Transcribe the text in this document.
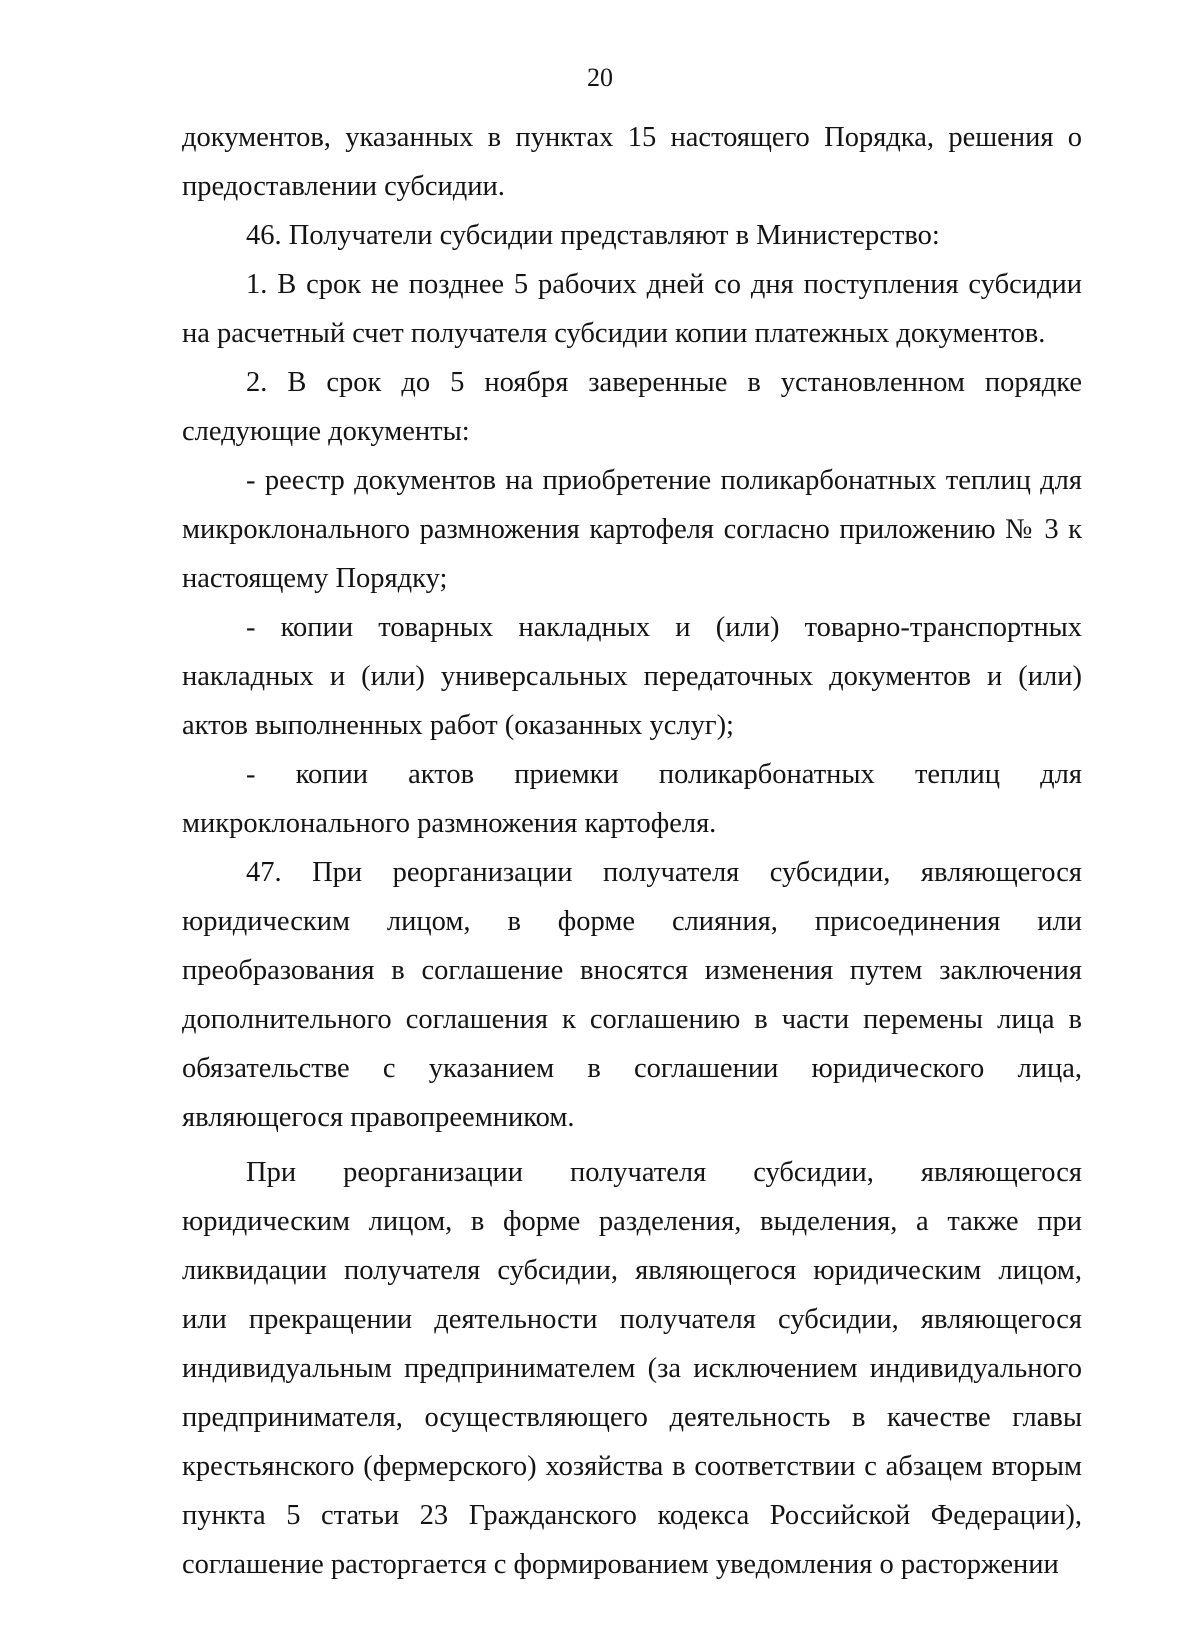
20

документов, указанных в пунктах 15 настоящего Порядка, решения о предоставлении субсидии.

46. Получатели субсидии представляют в Министерство:

1. В срок не позднее 5 рабочих дней со дня поступления субсидии на расчетный счет получателя субсидии копии платежных документов.

2. В срок до 5 ноября заверенные в установленном порядке следующие документы:

- реестр документов на приобретение поликарбонатных теплиц для микроклонального размножения картофеля согласно приложению № 3 к настоящему Порядку;

- копии товарных накладных и (или) товарно-транспортных накладных и (или) универсальных передаточных документов и (или) актов выполненных работ (оказанных услуг);

- копии актов приемки поликарбонатных теплиц для микроклонального размножения картофеля.

47. При реорганизации получателя субсидии, являющегося юридическим лицом, в форме слияния, присоединения или преобразования в соглашение вносятся изменения путем заключения дополнительного соглашения к соглашению в части перемены лица в обязательстве с указанием в соглашении юридического лица, являющегося правопреемником.

При реорганизации получателя субсидии, являющегося юридическим лицом, в форме разделения, выделения, а также при ликвидации получателя субсидии, являющегося юридическим лицом, или прекращении деятельности получателя субсидии, являющегося индивидуальным предпринимателем (за исключением индивидуального предпринимателя, осуществляющего деятельность в качестве главы крестьянского (фермерского) хозяйства в соответствии с абзацем вторым пункта 5 статьи 23 Гражданского кодекса Российской Федерации), соглашение расторгается с формированием уведомления о расторжении
